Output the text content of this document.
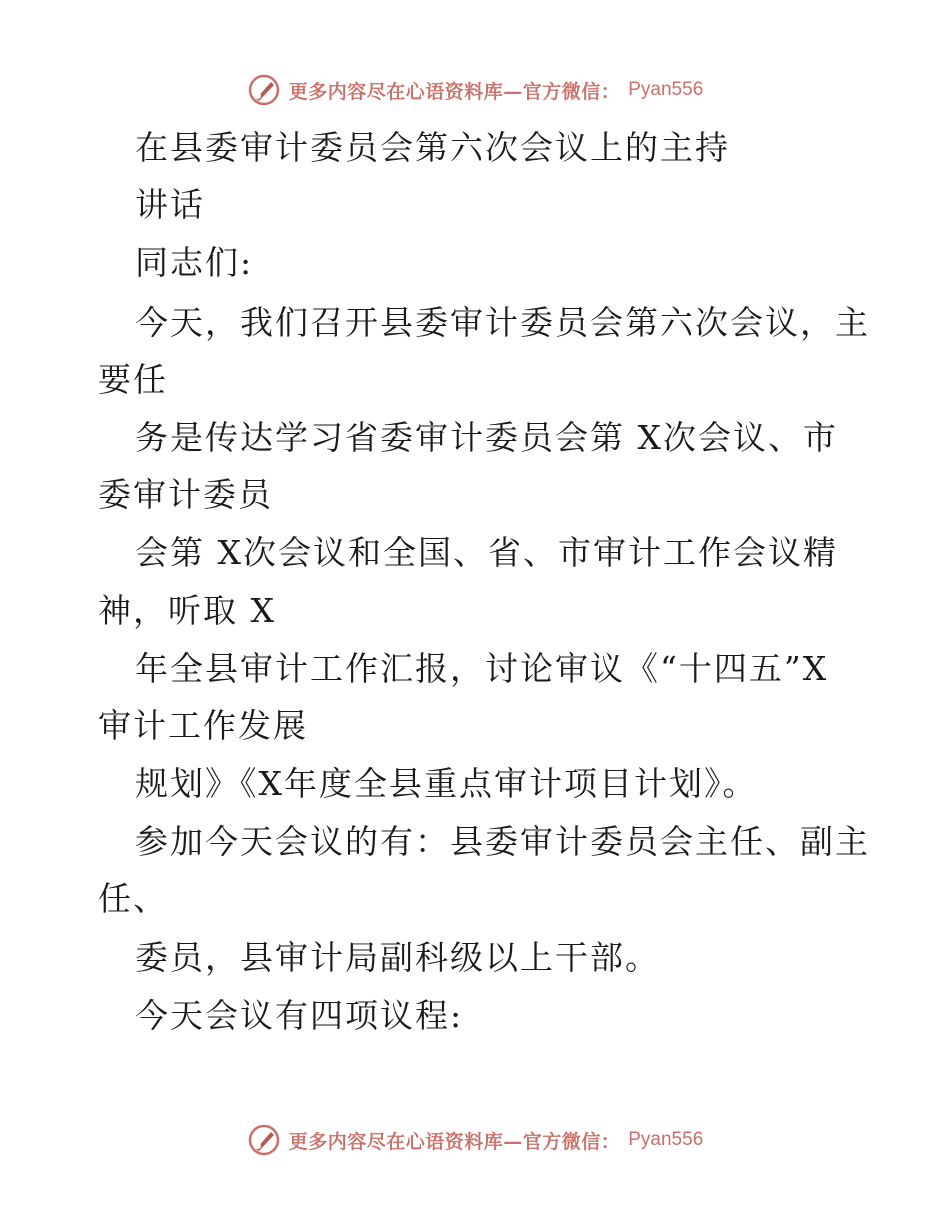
更多内容尽在心语资料库—官方微信： Pyan556
在县委审计委员会第六次会议上的主持
讲话
同志们:
今天，我们召开县委审计委员会第六次会议，主
要任
务是传达学习省委审计委员会第 X次会议、市
委审计委员
会第 X次会议和全国、省、市审计工作会议精
神，听取 X
年全县审计工作汇报，讨论审议《“十四五”X
审计工作发展
规划》《X年度全县重点审计项目计划》。
参加今天会议的有：县委审计委员会主任、副主
任、
委员，县审计局副科级以上干部。
今天会议有四项议程:
更多内容尽在心语资料库—官方微信： Pyan556
